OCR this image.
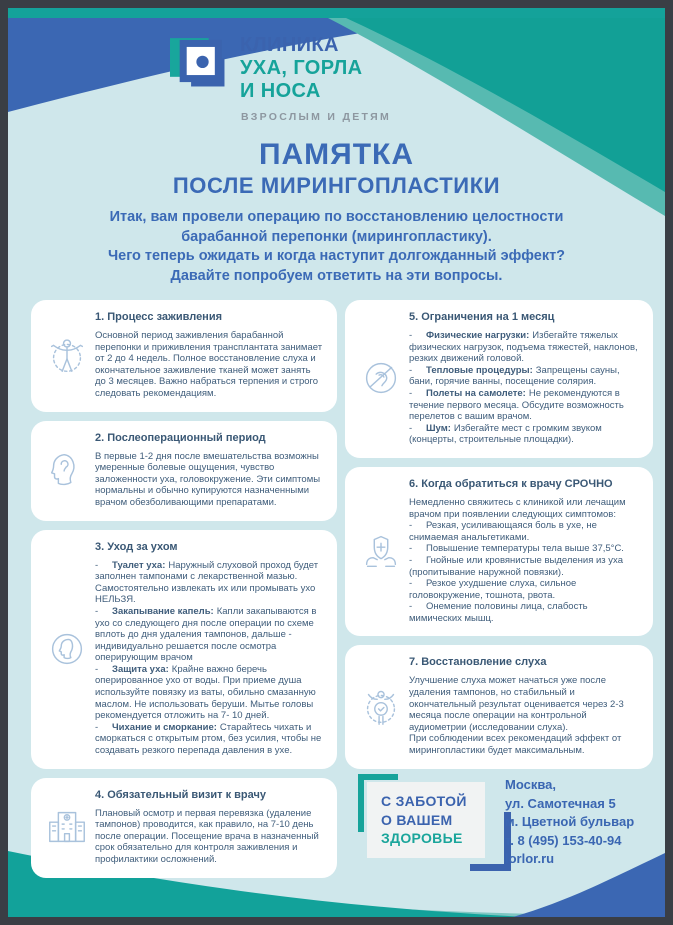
КЛИНИКА
УХА, ГОРЛА
И НОСА
ВЗРОСЛЫМ И ДЕТЯМ
ПАМЯТКА
ПОСЛЕ МИРИНГОПЛАСТИКИ
Итак, вам провели операцию по восстановлению целостности
барабанной перепонки (мирингопластику).
Чего теперь ожидать и когда наступит долгожданный эффект?
Давайте попробуем ответить на эти вопросы.

1. Процесс заживления

Основной период заживления барабанной перепонки и приживления трансплантата занимает от 2 до 4 недель. Полное восстановление слуха и окончательное заживление тканей может занять до 3 месяцев. Важно набраться терпения и строго следовать рекомендациям.

2. Послеоперационный период

В первые 1-2 дня после вмешательства возможны умеренные болевые ощущения, чувство заложенности уха, головокружение. Эти симптомы нормальны и обычно купируются назначенными врачом обезболивающими препаратами.

3. Уход за ухом

- Туалет уха: Наружный слуховой проход будет заполнен тампонами с лекарственной мазью. Самостоятельно извлекать их или промывать ухо НЕЛЬЗЯ.

- Закапывание капель: Капли закапываются в ухо со следующего дня после операции по схеме вплоть до дня удаления тампонов, дальше - индивидуально решается после осмотра оперирующим врачом

- Защита уха: Крайне важно беречь оперированное ухо от воды. При приеме душа используйте повязку из ваты, обильно смазанную маслом. Не использовать беруши. Мытье головы рекомендуется отложить на 7- 10 дней.

- Чихание и сморкание: Старайтесь чихать и сморкаться с открытым ртом, без усилия, чтобы не создавать резкого перепада давления в ухе.

4. Обязательный визит к врачу

Плановый осмотр и первая перевязка (удаление тампонов) проводится, как правило, на 7-10 день после операции. Посещение врача в назначенный срок обязательно для контроля заживления и профилактики осложнений.

5. Ограничения на 1 месяц

- Физические нагрузки: Избегайте тяжелых физических нагрузок, подъема тяжестей, наклонов, резких движений головой.

- Тепловые процедуры: Запрещены сауны, бани, горячие ванны, посещение солярия.

- Полеты на самолете: Не рекомендуются в течение первого месяца. Обсудите возможность перелетов с вашим врачом.

- Шум: Избегайте мест с громким звуком (концерты, строительные площадки).

6. Когда обратиться к врачу СРОЧНО

Немедленно свяжитесь с клиникой или лечащим врачом при появлении следующих симптомов:

- Резкая, усиливающаяся боль в ухе, не снимаемая анальгетиками.

- Повышение температуры тела выше 37,5°C.

- Гнойные или кровянистые выделения из уха (пропитывание наружной повязки).

- Резкое ухудшение слуха, сильное головокружение, тошнота, рвота.

- Онемение половины лица, слабость мимических мышц.

7. Восстановление слуха

Улучшение слуха может начаться уже после удаления тампонов, но стабильный и окончательный результат оценивается через 2-3 месяца после операции на контрольной аудиометрии (исследовании слуха).

При соблюдении всех рекомендаций эффект от мирингопластики будет максимальным.

С ЗАБОТОЙ
О ВАШЕМ
ЗДОРОВЬЕ
Москва,
ул. Самотечная 5
м. Цветной бульвар
т. 8 (495) 153-40-94
lorlor.ru
